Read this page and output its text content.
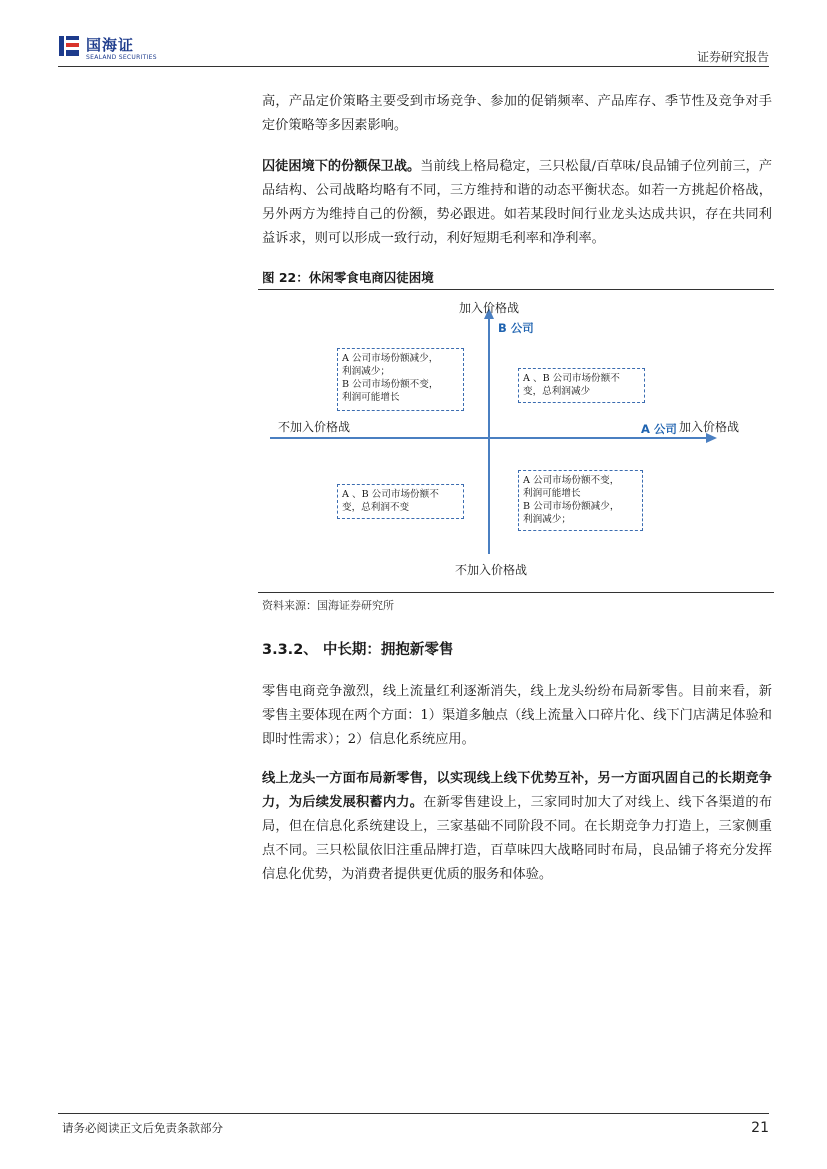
国海证
SEALAND SECURITIES	证券研究报告
高，产品定价策略主要受到市场竞争、参加的促销频率、产品库存、季节性及竞争对手定价策略等多因素影响。
囚徒困境下的份额保卫战。当前线上格局稳定，三只松鼠/百草味/良品铺子位列前三，产品结构、公司战略均略有不同，三方维持和谐的动态平衡状态。如若一方挑起价格战，另外两方为维持自己的份额，势必跟进。如若某段时间行业龙头达成共识，存在共同利益诉求，则可以形成一致行动，利好短期毛利率和净利率。
图 22：休闲零食电商囚徒困境
加入价格战
B 公司
不加入价格战	A 公司 加入价格战
不加入价格战
A 公司市场份额减少，
利润减少；
B 公司市场份额不变，
利润可能增长
A 、B 公司市场份额不
变，总利润减少
A 、B 公司市场份额不
变，总利润不变
A 公司市场份额不变，
利润可能增长
B 公司市场份额减少，
利润减少；
资料来源：国海证券研究所
3.3.2、 中长期：拥抱新零售
零售电商竞争激烈，线上流量红利逐渐消失，线上龙头纷纷布局新零售。目前来看，新零售主要体现在两个方面：1）渠道多触点（线上流量入口碎片化、线下门店满足体验和即时性需求）；2）信息化系统应用。
线上龙头一方面布局新零售，以实现线上线下优势互补，另一方面巩固自己的长期竞争力，为后续发展积蓄内力。在新零售建设上，三家同时加大了对线上、线下各渠道的布局，但在信息化系统建设上，三家基础不同阶段不同。在长期竞争力打造上，三家侧重点不同。三只松鼠依旧注重品牌打造，百草味四大战略同时布局，良品铺子将充分发挥信息化优势，为消费者提供更优质的服务和体验。
请务必阅读正文后免责条款部分	21
